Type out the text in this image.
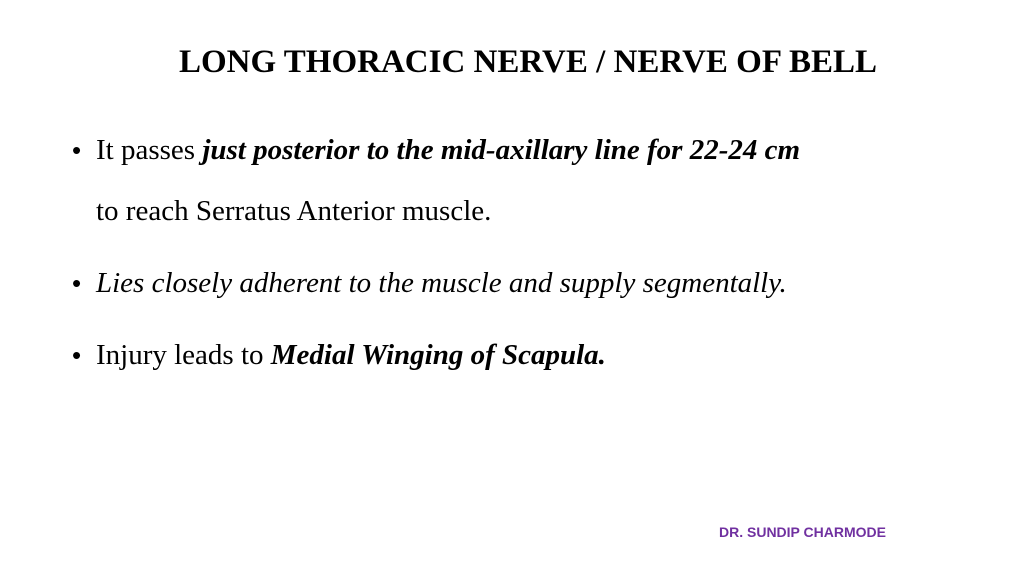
LONG THORACIC NERVE / NERVE OF BELL
• It passes just posterior to the mid-axillary line for 22-24 cm
to reach Serratus Anterior muscle.
• Lies closely adherent to the muscle and supply segmentally.
• Injury leads to Medial Winging of Scapula.
DR. SUNDIP CHARMODE
